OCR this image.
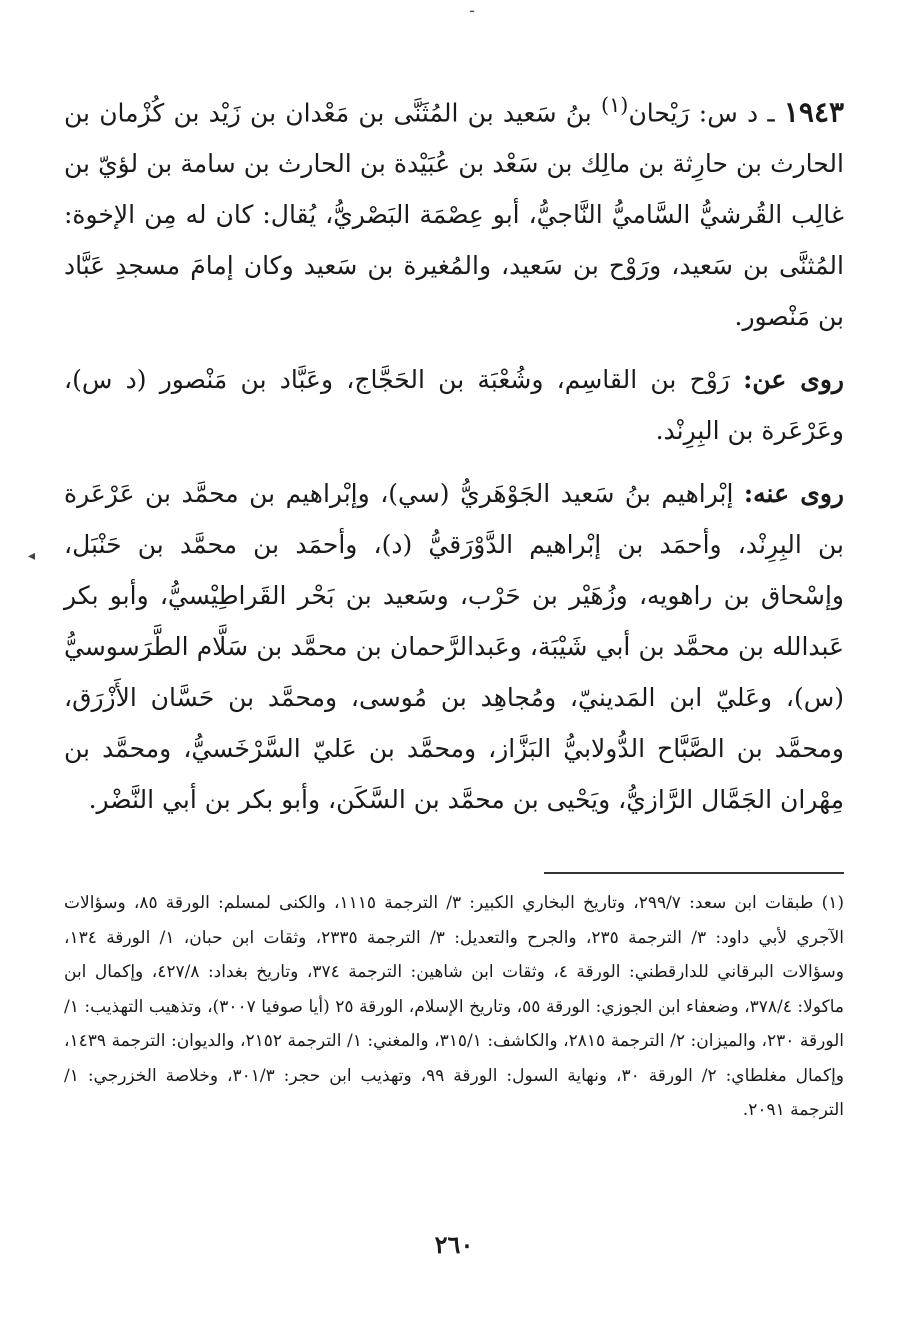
ـ
◂

١٩٤٣ ـ د س: رَيْحان$^{(١)}$ بنُ سَعيد بن المُثَنَّى بن مَعْدان بن زَيْد بن كُزْمان بن الحارث بن حارِثة بن مالِك بن سَعْد بن عُبَيْدة بن الحارث بن سامة بن لؤيّ بن غالِب القُرشيُّ السَّاميُّ النَّاجيُّ، أبو عِصْمَة البَصْريُّ، يُقال: كان له مِن الإخوة: المُثنَّى بن سَعيد، ورَوْح بن سَعيد، والمُغيرة بن سَعيد وكان إمامَ مسجدِ عَبَّاد بن مَنْصور.

روى عن: رَوْح بن القاسِم، وشُعْبَة بن الحَجَّاج، وعَبَّاد بن مَنْصور (د س)، وعَرْعَرة بن البِرِنْد.

روى عنه: إبْراهيم بنُ سَعيد الجَوْهَريُّ (سي)، وإبْراهيم بن محمَّد بن عَرْعَرة بن البِرِنْد، وأحمَد بن إبْراهيم الدَّوْرَقيُّ (د)، وأحمَد بن محمَّد بن حَنْبَل، وإسْحاق بن راهويه، وزُهَيْر بن حَرْب، وسَعيد بن بَحْر القَراطِيْسيُّ، وأبو بكر عَبدالله بن محمَّد بن أبي شَيْبَة، وعَبدالرَّحمان بن محمَّد بن سَلَّام الطَّرَسوسيُّ (س)، وعَليّ ابن المَدينيّ، ومُجاهِد بن مُوسى، ومحمَّد بن حَسَّان الأَزْرَق، ومحمَّد بن الصَّبَّاح الدُّولابيُّ البَزَّاز، ومحمَّد بن عَليّ السَّرْخَسيُّ، ومحمَّد بن مِهْران الجَمَّال الرَّازيُّ، ويَحْيى بن محمَّد بن السَّكَن، وأبو بكر بن أبي النَّضْر.

(١) طبقات ابن سعد: ٢٩٩/٧، وتاريخ البخاري الكبير: ٣/ الترجمة ١١١٥، والكنى لمسلم: الورقة ٨٥، وسؤالات الآجري لأبي داود: ٣/ الترجمة ٢٣٥، والجرح والتعديل: ٣/ الترجمة ٢٣٣٥، وثقات ابن حبان، ١/ الورقة ١٣٤، وسؤالات البرقاني للدارقطني: الورقة ٤، وثقات ابن شاهين: الترجمة ٣٧٤، وتاريخ بغداد: ٤٢٧/٨، وإكمال ابن ماكولا: ٣٧٨/٤، وضعفاء ابن الجوزي: الورقة ٥٥، وتاريخ الإسلام، الورقة ٢٥ (أيا صوفيا ٣٠٠٧)، وتذهيب التهذيب: ١/ الورقة ٢٣٠، والميزان: ٢/ الترجمة ٢٨١٥، والكاشف: ٣١٥/١، والمغني: ١/ الترجمة ٢١٥٢، والديوان: الترجمة ١٤٣٩، وإكمال مغلطاي: ٢/ الورقة ٣٠، ونهاية السول: الورقة ٩٩، وتهذيب ابن حجر: ٣٠١/٣، وخلاصة الخزرجي: ١/ الترجمة ٢٠٩١.

٢٦٠
